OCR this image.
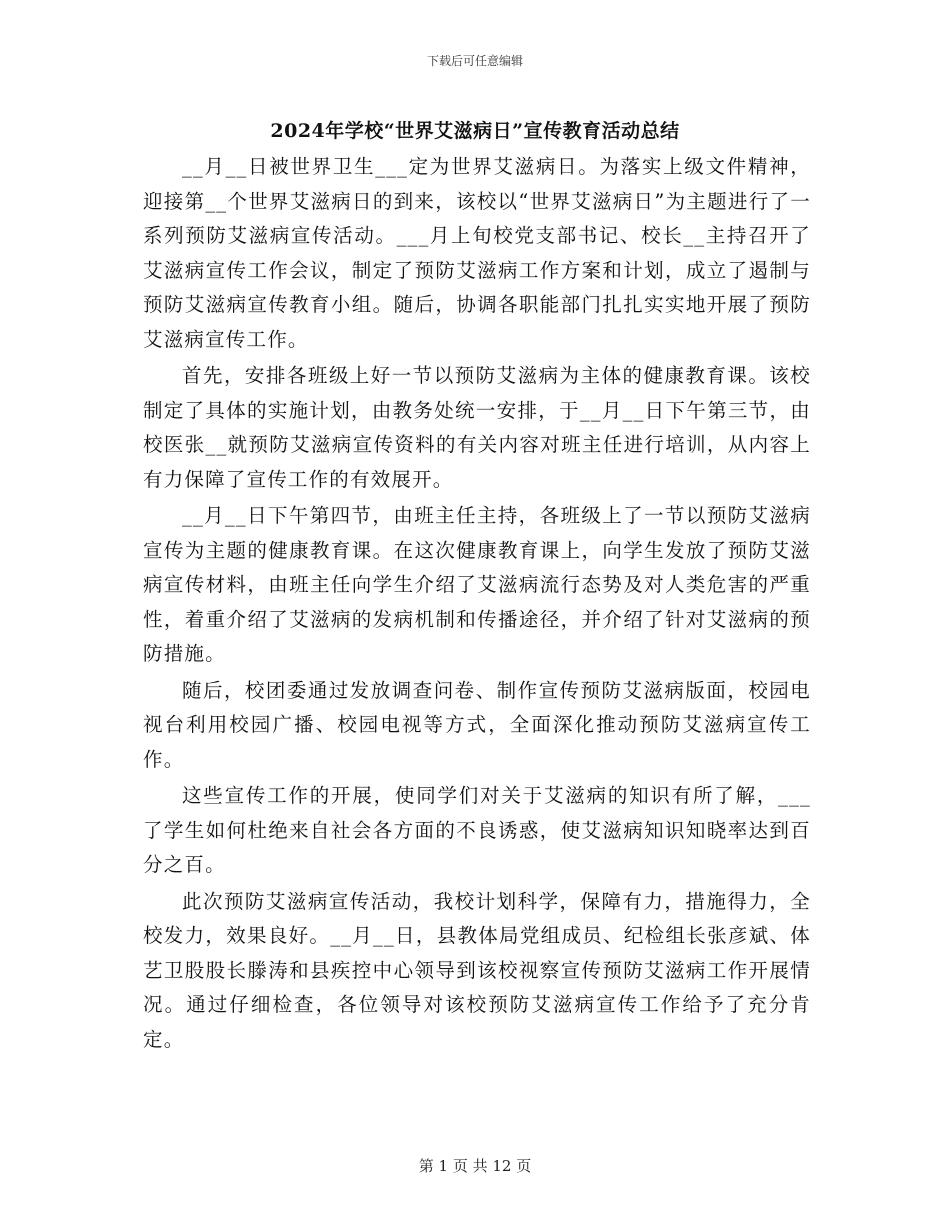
下载后可任意编辑
2024年学校“世界艾滋病日”宣传教育活动总结

__月__日被世界卫生___定为世界艾滋病日。为落实上级文件精神，迎接第__个世界艾滋病日的到来，该校以“世界艾滋病日”为主题进行了一系列预防艾滋病宣传活动。___月上旬校党支部书记、校长__主持召开了艾滋病宣传工作会议，制定了预防艾滋病工作方案和计划，成立了遏制与预防艾滋病宣传教育小组。随后，协调各职能部门扎扎实实地开展了预防艾滋病宣传工作。

首先，安排各班级上好一节以预防艾滋病为主体的健康教育课。该校制定了具体的实施计划，由教务处统一安排，于__月__日下午第三节，由校医张__就预防艾滋病宣传资料的有关内容对班主任进行培训，从内容上有力保障了宣传工作的有效展开。

__月__日下午第四节，由班主任主持，各班级上了一节以预防艾滋病宣传为主题的健康教育课。在这次健康教育课上，向学生发放了预防艾滋病宣传材料，由班主任向学生介绍了艾滋病流行态势及对人类危害的严重性，着重介绍了艾滋病的发病机制和传播途径，并介绍了针对艾滋病的预防措施。

随后，校团委通过发放调查问卷、制作宣传预防艾滋病版面，校园电视台利用校园广播、校园电视等方式，全面深化推动预防艾滋病宣传工作。

这些宣传工作的开展，使同学们对关于艾滋病的知识有所了解，___了学生如何杜绝来自社会各方面的不良诱惑，使艾滋病知识知晓率达到百分之百。

此次预防艾滋病宣传活动，我校计划科学，保障有力，措施得力，全校发力，效果良好。__月__日，县教体局党组成员、纪检组长张彦斌、体艺卫股股长滕涛和县疾控中心领导到该校视察宣传预防艾滋病工作开展情况。通过仔细检查，各位领导对该校预防艾滋病宣传工作给予了充分肯定。

第 1 页 共 12 页
